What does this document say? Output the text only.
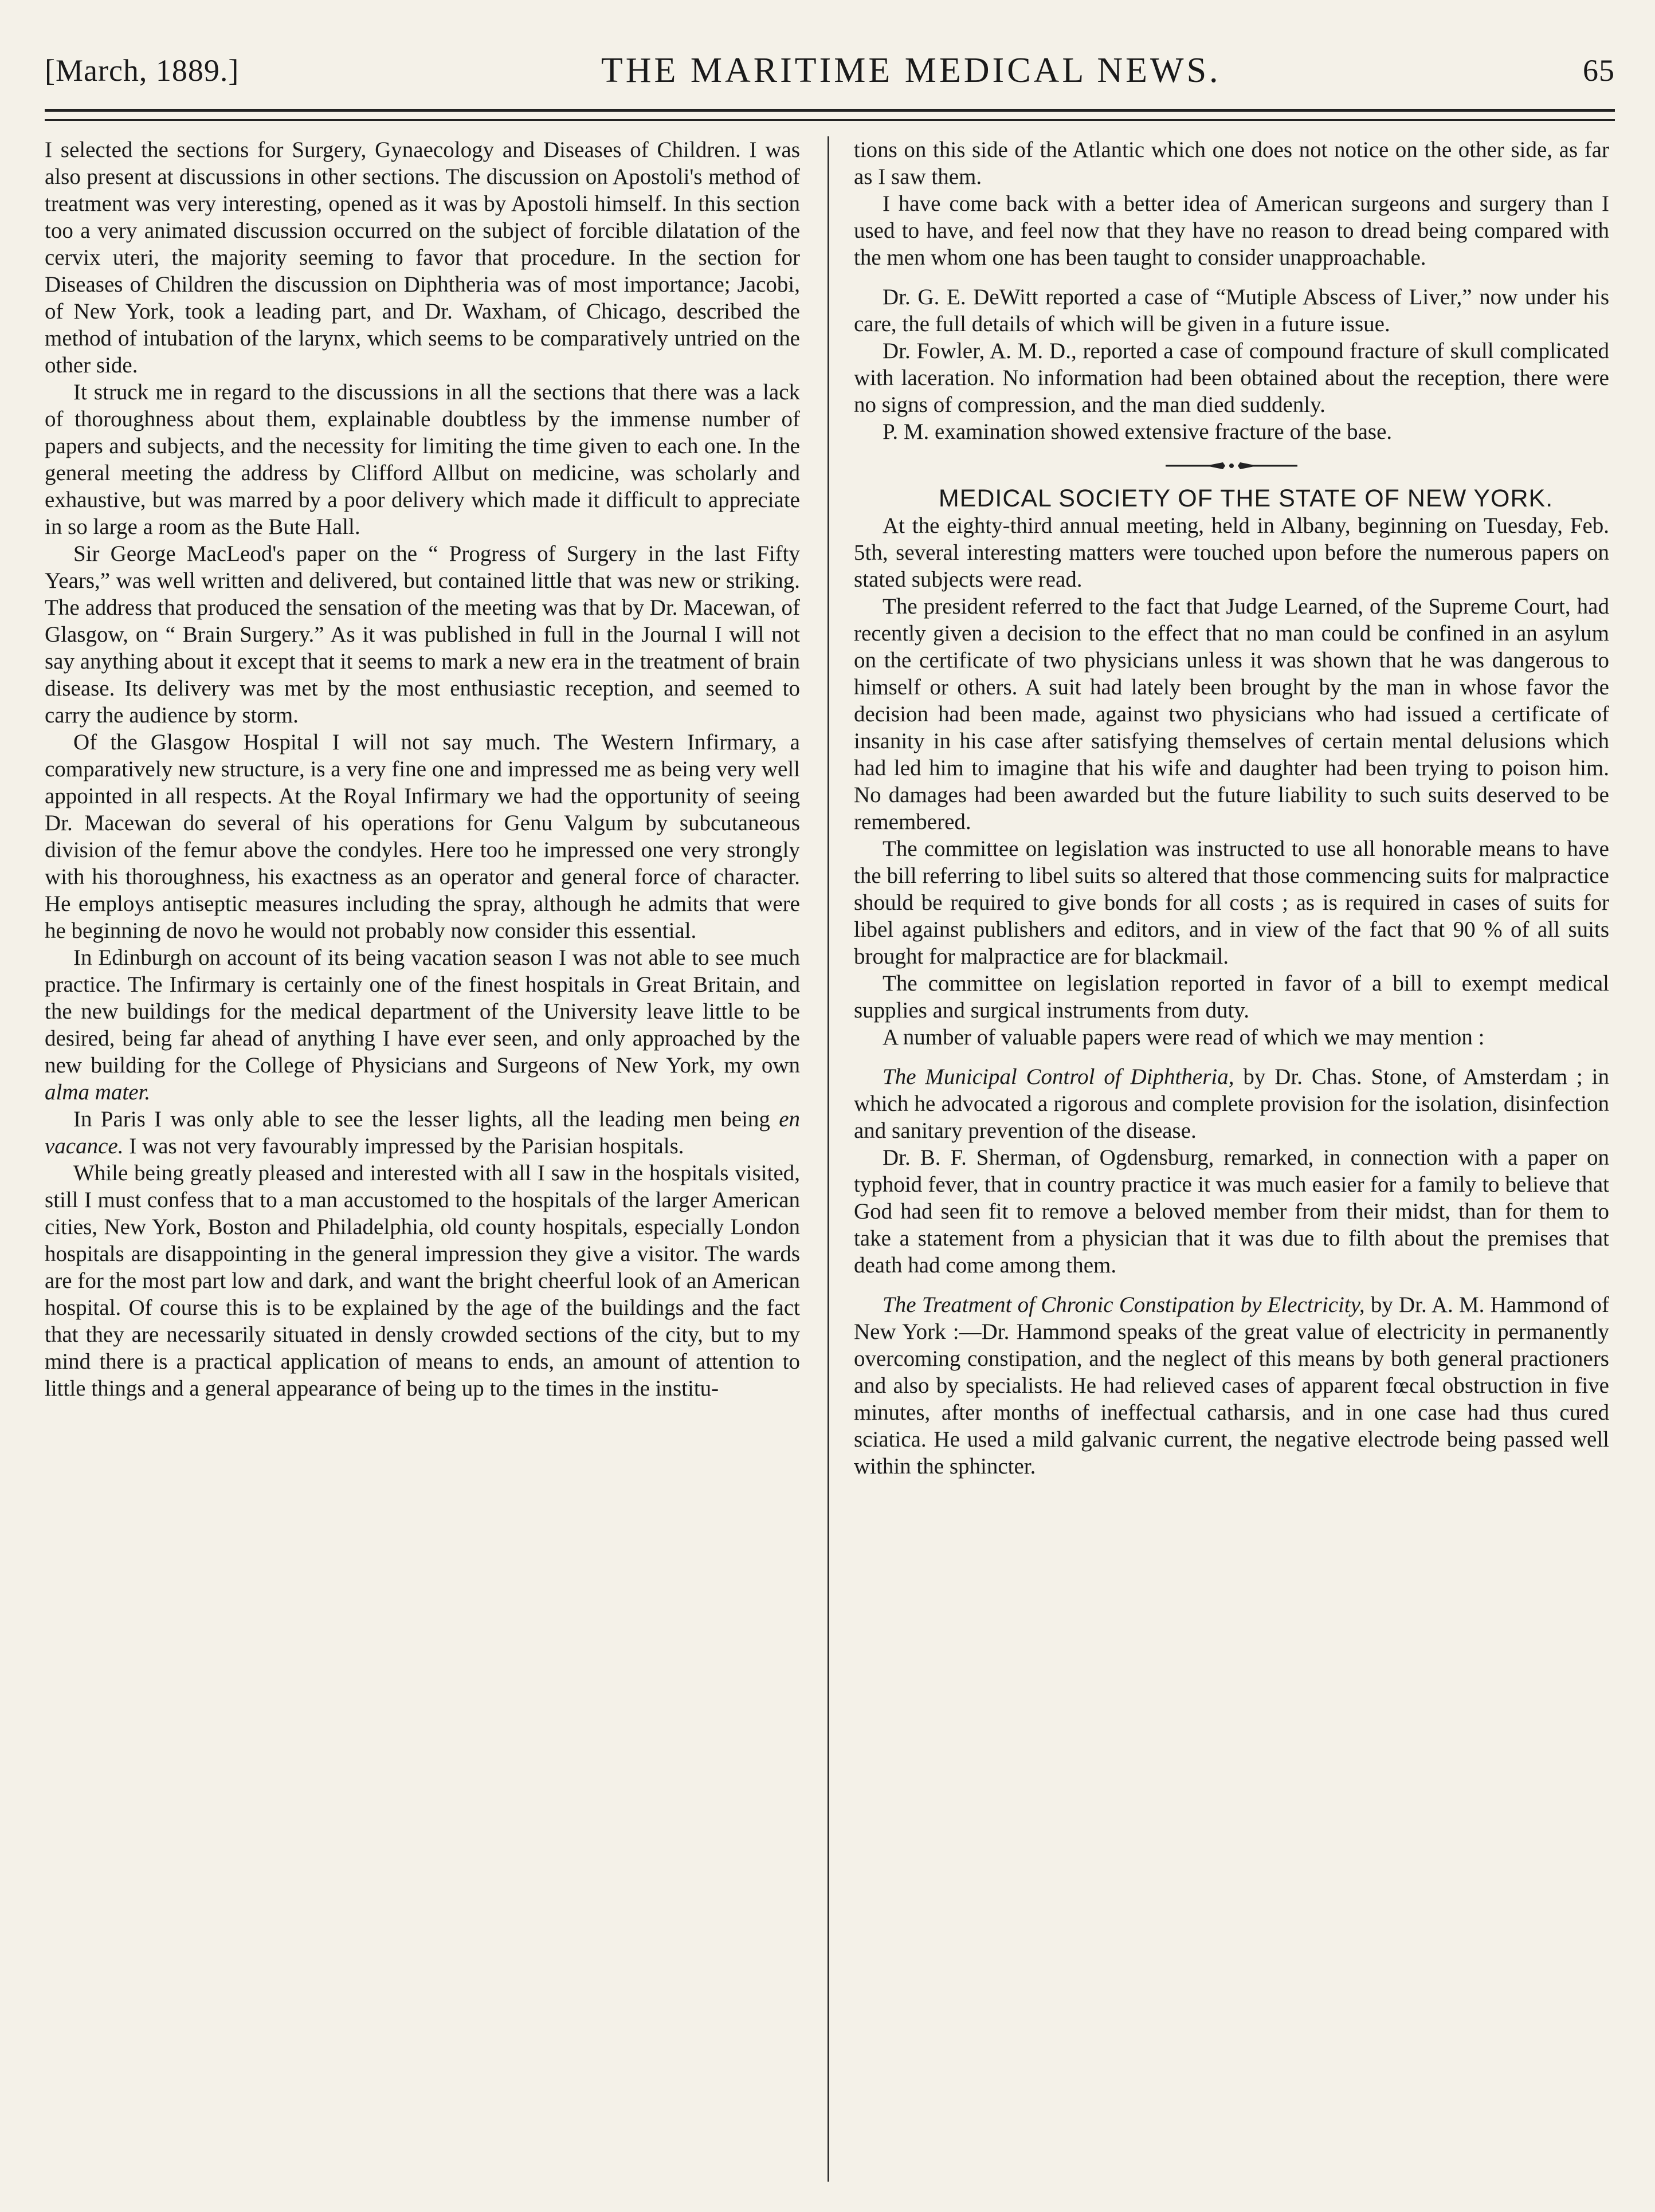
[March, 1889.]	THE MARITIME MEDICAL NEWS.	65

I selected the sections for Surgery, Gynaecology and Diseases of Children. I was also present at discussions in other sections. The discussion on Apostoli's method of treatment was very interesting, opened as it was by Apostoli himself. In this section too a very animated discussion occurred on the subject of forcible dilatation of the cervix uteri, the majority seeming to favor that procedure. In the section for Diseases of Children the discussion on Diphtheria was of most importance; Jacobi, of New York, took a leading part, and Dr. Waxham, of Chicago, described the method of intubation of the larynx, which seems to be comparatively untried on the other side.

It struck me in regard to the discussions in all the sections that there was a lack of thoroughness about them, explainable doubtless by the immense number of papers and subjects, and the necessity for limiting the time given to each one. In the general meeting the address by Clifford Allbut on medicine, was scholarly and exhaustive, but was marred by a poor delivery which made it difficult to appreciate in so large a room as the Bute Hall.

Sir George MacLeod's paper on the “ Progress of Surgery in the last Fifty Years,” was well written and delivered, but contained little that was new or striking. The address that produced the sensation of the meeting was that by Dr. Macewan, of Glasgow, on “ Brain Surgery.” As it was published in full in the Journal I will not say anything about it except that it seems to mark a new era in the treatment of brain disease. Its delivery was met by the most enthusiastic reception, and seemed to carry the audience by storm.

Of the Glasgow Hospital I will not say much. The Western Infirmary, a comparatively new structure, is a very fine one and impressed me as being very well appointed in all respects. At the Royal Infirmary we had the opportunity of seeing Dr. Macewan do several of his operations for Genu Valgum by subcutaneous division of the femur above the condyles. Here too he impressed one very strongly with his thoroughness, his exactness as an operator and general force of character. He employs antiseptic measures including the spray, although he admits that were he beginning de novo he would not probably now consider this essential.

In Edinburgh on account of its being vacation season I was not able to see much practice. The Infirmary is certainly one of the finest hospitals in Great Britain, and the new buildings for the medical department of the University leave little to be desired, being far ahead of anything I have ever seen, and only approached by the new building for the College of Physicians and Surgeons of New York, my own alma mater.

In Paris I was only able to see the lesser lights, all the leading men being en vacance. I was not very favourably impressed by the Parisian hospitals.

While being greatly pleased and interested with all I saw in the hospitals visited, still I must confess that to a man accustomed to the hospitals of the larger American cities, New York, Boston and Philadelphia, old county hospitals, especially London hospitals are disappointing in the general impression they give a visitor. The wards are for the most part low and dark, and want the bright cheerful look of an American hospital. Of course this is to be explained by the age of the buildings and the fact that they are necessarily situated in densly crowded sections of the city, but to my mind there is a practical application of means to ends, an amount of attention to little things and a general appearance of being up to the times in the institu-

tions on this side of the Atlantic which one does not notice on the other side, as far as I saw them.

I have come back with a better idea of American surgeons and surgery than I used to have, and feel now that they have no reason to dread being compared with the men whom one has been taught to consider unapproachable.

Dr. G. E. DeWitt reported a case of “Mutiple Abscess of Liver,” now under his care, the full details of which will be given in a future issue.

Dr. Fowler, A. M. D., reported a case of compound fracture of skull complicated with laceration. No information had been obtained about the reception, there were no signs of compression, and the man died suddenly.

P. M. examination showed extensive fracture of the base.

MEDICAL SOCIETY OF THE STATE OF NEW YORK.

At the eighty-third annual meeting, held in Albany, beginning on Tuesday, Feb. 5th, several interesting matters were touched upon before the numerous papers on stated subjects were read.

The president referred to the fact that Judge Learned, of the Supreme Court, had recently given a decision to the effect that no man could be confined in an asylum on the certificate of two physicians unless it was shown that he was dangerous to himself or others. A suit had lately been brought by the man in whose favor the decision had been made, against two physicians who had issued a certificate of insanity in his case after satisfying themselves of certain mental delusions which had led him to imagine that his wife and daughter had been trying to poison him. No damages had been awarded but the future liability to such suits deserved to be remembered.

The committee on legislation was instructed to use all honorable means to have the bill referring to libel suits so altered that those commencing suits for malpractice should be required to give bonds for all costs ; as is required in cases of suits for libel against publishers and editors, and in view of the fact that 90 % of all suits brought for malpractice are for blackmail.

The committee on legislation reported in favor of a bill to exempt medical supplies and surgical instruments from duty.

A number of valuable papers were read of which we may mention :

The Municipal Control of Diphtheria, by Dr. Chas. Stone, of Amsterdam ; in which he advocated a rigorous and complete provision for the isolation, disinfection and sanitary prevention of the disease.

Dr. B. F. Sherman, of Ogdensburg, remarked, in connection with a paper on typhoid fever, that in country practice it was much easier for a family to believe that God had seen fit to remove a beloved member from their midst, than for them to take a statement from a physician that it was due to filth about the premises that death had come among them.

The Treatment of Chronic Constipation by Electricity, by Dr. A. M. Hammond of New York :—Dr. Hammond speaks of the great value of electricity in permanently overcoming constipation, and the neglect of this means by both general practioners and also by specialists. He had relieved cases of apparent fœcal obstruction in five minutes, after months of ineffectual catharsis, and in one case had thus cured sciatica. He used a mild galvanic current, the negative electrode being passed well within the sphincter.
